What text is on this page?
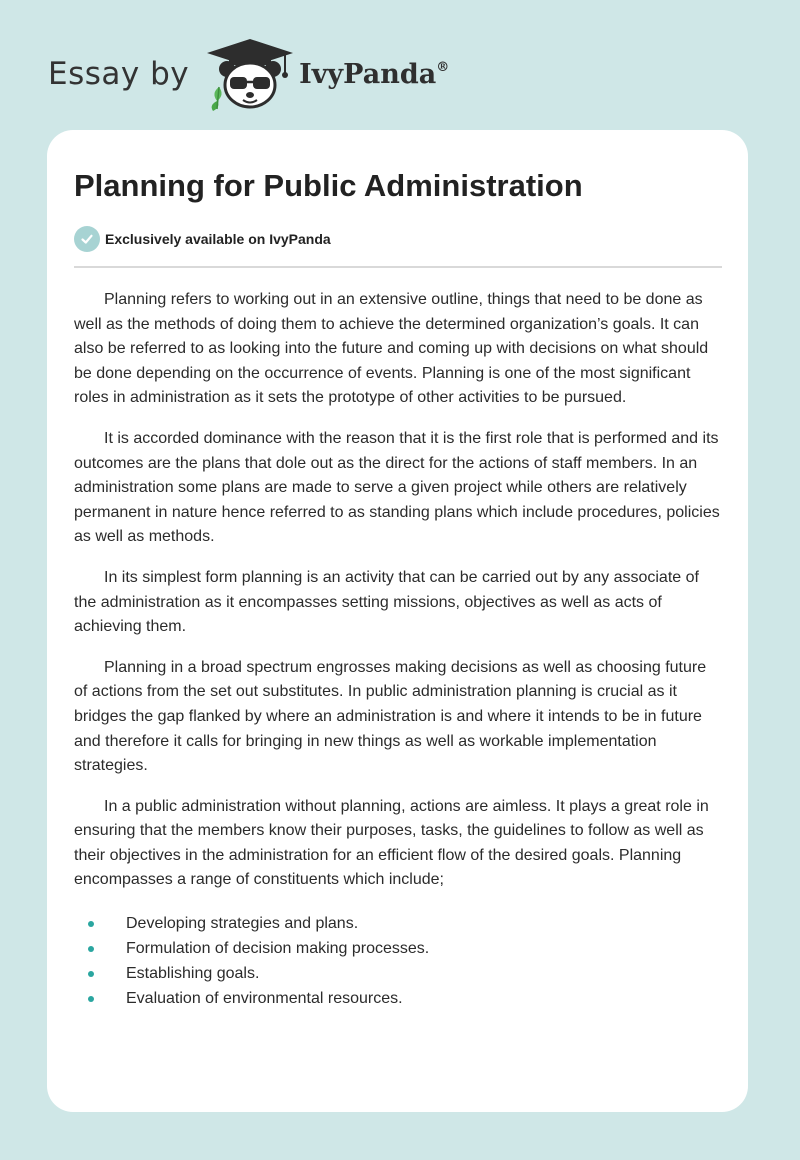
Essay by	IvyPanda®
Planning for Public Administration
Exclusively available on IvyPanda

Planning refers to working out in an extensive outline, things that need to be done as well as the methods of doing them to achieve the determined organization’s goals. It can also be referred to as looking into the future and coming up with decisions on what should be done depending on the occurrence of events. Planning is one of the most significant roles in administration as it sets the prototype of other activities to be pursued.

It is accorded dominance with the reason that it is the first role that is performed and its outcomes are the plans that dole out as the direct for the actions of staff members. In an administration some plans are made to serve a given project while others are relatively permanent in nature hence referred to as standing plans which include procedures, policies as well as methods.

In its simplest form planning is an activity that can be carried out by any associate of the administration as it encompasses setting missions, objectives as well as acts of achieving them.

Planning in a broad spectrum engrosses making decisions as well as choosing future of actions from the set out substitutes. In public administration planning is crucial as it bridges the gap flanked by where an administration is and where it intends to be in future and therefore it calls for bringing in new things as well as workable implementation strategies.

In a public administration without planning, actions are aimless. It plays a great role in ensuring that the members know their purposes, tasks, the guidelines to follow as well as their objectives in the administration for an efficient flow of the desired goals. Planning encompasses a range of constituents which include;

Developing strategies and plans.
Formulation of decision making processes.
Establishing goals.
Evaluation of environmental resources.
